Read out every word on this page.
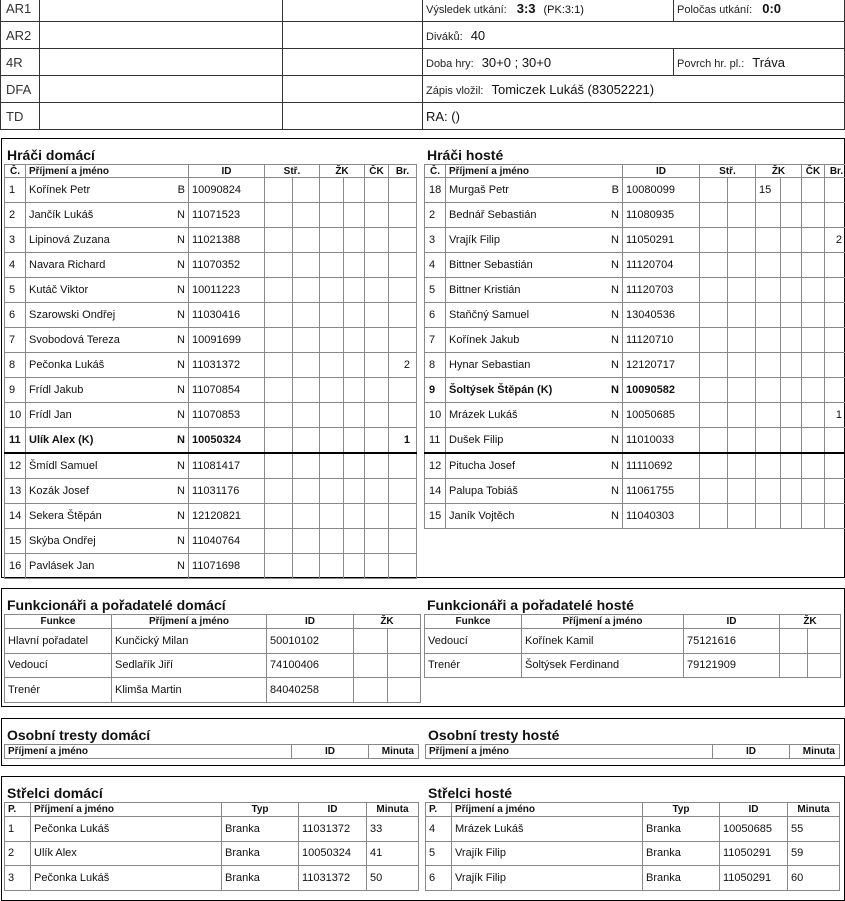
AR1		
AR2		
4R		
DFA		
TD		
Výsledek utkání: 3:3 (PK:3:1)	Poločas utkání: 0:0
Diváků: 40	
Doba hry: 30+0 ; 30+0	Povrch hr. pl.: Tráva
Zápis vložil: Tomiczek Lukáš (83052221)	
RA: ()	
Hráči domácí
Č.	Příjmení a jméno	ID	Stř.	ŽK	ČK	Br.
1	Kořínek Petr B	10090824	

2	Jančík Lukáš N	11071523	

3	Lipinová Zuzana N	11021388	

4	Navara Richard N	11070352	

5	Kutáč Viktor N	10011223	

6	Szarowski Ondřej N	11030416	

7	Svobodová Tereza N	10091699	

8	Pečonka Lukáš N	11031372				2
9	Frídl Jakub N	11070854	

10	Frídl Jan N	11070853	

11	Ulík Alex (K) N	10050324				1
12	Šmídl Samuel N	11081417	

13	Kozák Josef N	11031176	

14	Sekera Štěpán N	12120821	

15	Skýba Ondřej N	11040764	

16	Pavlásek Jan N	11071698	

Hráči hosté
Č.	Příjmení a jméno	ID	Stř.	ŽK	ČK	Br.
18	Murgaš Petr B	10080099		15		

2	Bednář Sebastián N	11080935	

3	Vrajík Filip N	11050291				2
4	Bittner Sebastián N	11120704	

5	Bittner Kristián N	11120703	

6	Staňčný Samuel N	13040536	

7	Kořínek Jakub N	11120710	

8	Hynar Sebastian N	12120717	

9	Šoltýsek Štěpán (K) N	10090582	

10	Mrázek Lukáš N	10050685				1
11	Dušek Filip N	11010033	

12	Pitucha Josef N	11110692	

14	Palupa Tobiáš N	11061755	

15	Janík Vojtěch N	11040303	

Funkcionáři a pořadatelé domácí
Funkce	Příjmení a jméno	ID	ŽK	
Hlavní pořadatel	Kunčický Milan	50010102		
Vedoucí	Sedlařík Jiří	74100406		
Trenér	Klimša Martin	84040258		
Funkcionáři a pořadatelé hosté
Funkce	Příjmení a jméno	ID	ŽK	
Vedoucí	Kořínek Kamil	75121616		
Trenér	Šoltýsek Ferdinand	79121909		
Osobní tresty domácí
Příjmení a jméno	ID	Minuta
Osobní tresty hosté
Příjmení a jméno	ID	Minuta
Střelci domácí
P.	Příjmení a jméno	Typ	ID	Minuta
1	Pečonka Lukáš	Branka	11031372	33
2	Ulík Alex	Branka	10050324	41
3	Pečonka Lukáš	Branka	11031372	50
Střelci hosté
P.	Příjmení a jméno	Typ	ID	Minuta
4	Mrázek Lukáš	Branka	10050685	55
5	Vrajík Filip	Branka	11050291	59
6	Vrajík Filip	Branka	11050291	60
